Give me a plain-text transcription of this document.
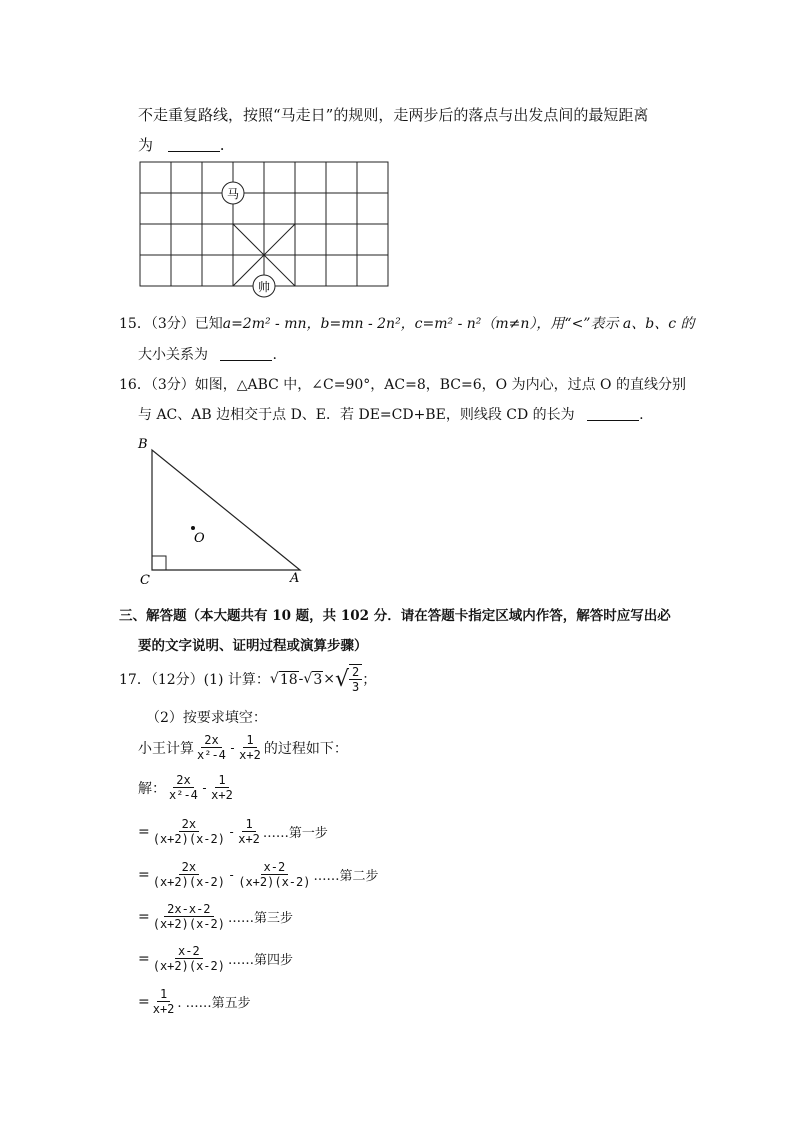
不走重复路线，按照“马走日”的规则，走两步后的落点与出发点间的最短距离
为	.
马
帅
15．（3分）已知a=2m² - mn，b=mn - 2n²，c=m² - n²（m≠n），用“<”表示 a、b、c 的
大小关系为	.
16．（3分）如图，△ABC 中，∠C=90°，AC=8，BC=6，O 为内心，过点 O 的直线分别
与 AC、AB 边相交于点 D、E．若 DE=CD+BE，则线段 CD 的长为	.
O
B
C	A
三、解答题（本大题共有 10 题，共 102 分．请在答题卡指定区域内作答，解答时应写出必
要的文字说明、证明过程或演算步骤）
17．（12分）(1) 计算： √ 18 - √ 3 × √ $\frac{2}{3}$ ；
（2）按要求填空：
小王计算 $\frac{2x}{\text{x²-4}} - \frac{1}{x+2}$ 的过程如下：
解： $\frac{2x}{\text{x²-4}} - \frac{1}{x+2}$
= $\frac{2x}{(x+2)(x-2)} - \frac{1}{x+2}$ ……第一步
= $\frac{2x}{(x+2)(x-2)} - \frac{x-2}{(x+2)(x-2)}$ ……第二步
= $\frac{2x-x-2}{(x+2)(x-2)}$ ……第三步
= $\frac{x-2}{(x+2)(x-2)}$ ……第四步
= $\frac{1}{x+2}$ . ……第五步
